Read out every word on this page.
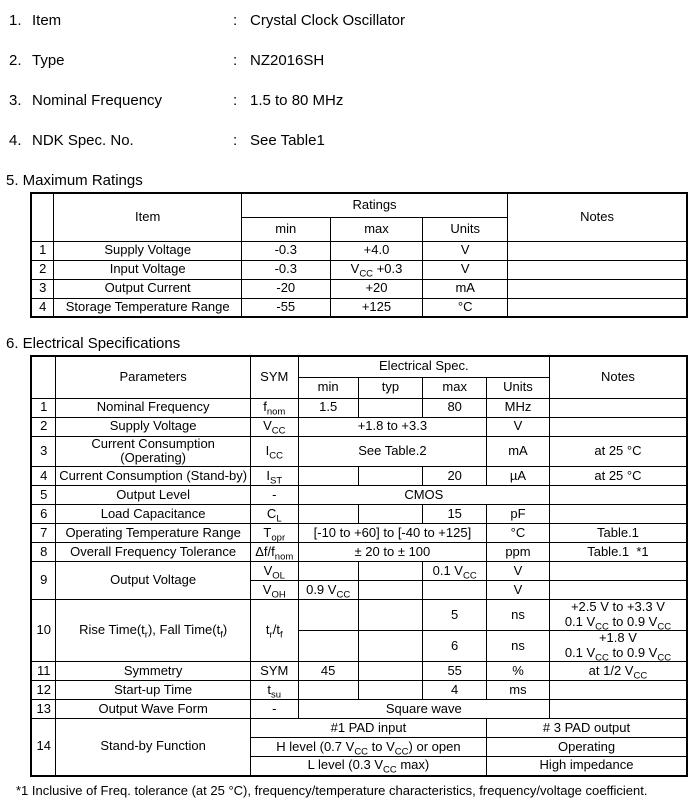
1. Item	: Crystal Clock Oscillator
2. Type	: NZ2016SH
3. Nominal Frequency	: 1.5 to 80 MHz
4. NDK Spec. No.	: See Table1
5. Maximum Ratings
	Item	Ratings			Notes
		min	max	Units	
1	Supply Voltage	-0.3	+4.0	V	
2	Input Voltage	-0.3	$V_{CC} +0.3$	V	
3	Output Current	-20	+20	mA	
4	Storage Temperature Range	-55	+125	°C	
6. Electrical Specifications
	Parameters	SYM	Electrical Spec.				Notes
			min	typ	max	Units	
1	Nominal Frequency	$f_{nom}$	1.5		80	MHz	
2	Supply Voltage	$V_{CC}$	+1.8 to +3.3			V	
3	Current Consumption (Operating)	$I_{CC}$	See Table.2			mA	at 25 °C
4	Current Consumption (Stand-by)	$I_{ST}$			20	µA	at 25 °C
5	Output Level	-	CMOS				
6	Load Capacitance	$C_L$			15	pF	
7	Operating Temperature Range	$T_{opr}$	[-10 to +60] to [-40 to +125]			°C	Table.1
8	Overall Frequency Tolerance	$\Delta f/f_{nom}$	± 20 to ± 100			ppm	Table.1  *1
9	Output Voltage	$V_{OL}$			0.1 $V_{CC}$	V	
		$V_{OH}$	0.9 $V_{CC}$			V	
10	Rise $Time(t_r)$, Fall $Time(t_f)$	$t_r/t_f$			5	ns	+2.5 V to +3.3 V
0.1 $V_{CC}$ to 0.9 $V_{CC}$
					6	ns	+1.8 V
0.1 $V_{CC}$ to 0.9 $V_{CC}$
11	Symmetry	SYM	45		55	%	at 1/2 $V_{CC}$
12	Start-up Time	$t_{su}$			4	ms	
13	Output Wave Form	-	Square wave				
14	Stand-by Function	#1 PAD input				# 3 PAD output	
		H level (0.7 $V_{CC}$ to $V_{CC}$) or open				Operating	
		L level (0.3 $V_{CC}$ max)				High impedance	
*1 Inclusive of Freq. tolerance (at 25 °C), frequency/temperature characteristics, frequency/voltage coefficient.
